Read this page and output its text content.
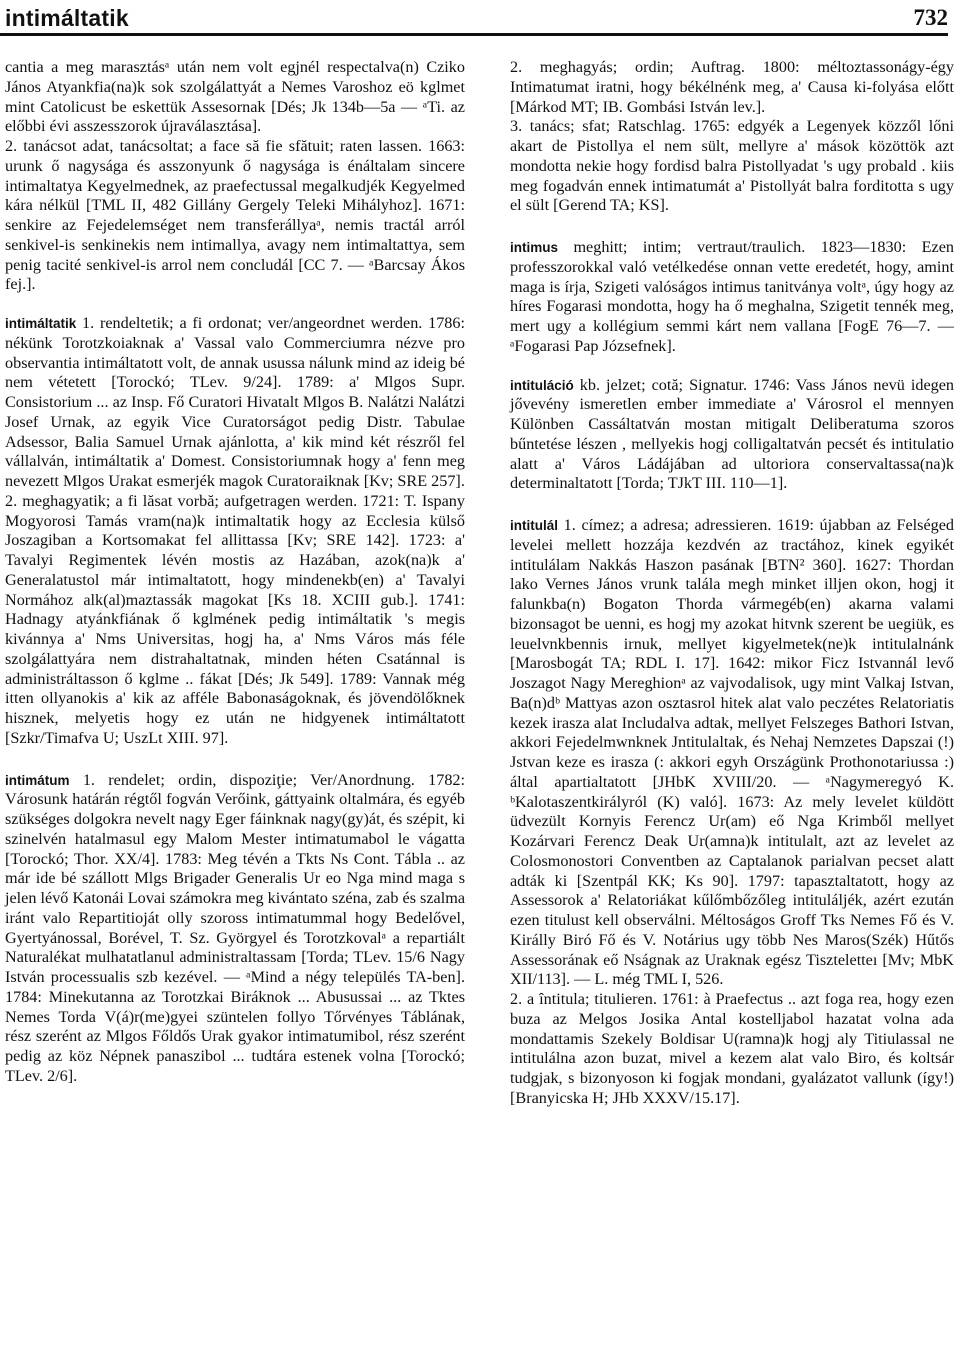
intimáltatik	732

cantia a meg marasztásᵃ után nem volt egjnél respectalva(n) Cziko János Atyankfia(na)k sok szolgálattyát a Nemes Varoshoz eö kglmet mint Catolicust be eskettük Assesornak [Dés; Jk 134b—5a — ᵃTi. az előbbi évi asszesszorok újraválasztása].

2. tanácsot adat, tanácsoltat; a face să fie sfătuit; raten lassen. 1663: urunk ő nagysága és asszonyunk ő nagysága is énáltalam sincere intimaltatya Kegyelmednek, az praefectussal megalkudjék Kegyelmed kára nélkül [TML II, 482 Gillány Gergely Teleki Mihályhoz]. 1671: senkire az Fejedelemséget nem transferállyaᵃ, nemis tractál arról senkivel-is senkinekis nem intimallya, avagy nem intimaltattya, sem penig tacité senkivel-is arrol nem concludál [CC 7. — ᵃBarcsay Ákos fej.].

intimáltatik 1. rendeltetik; a fi ordonat; ver/angeordnet werden. 1786: nékünk Torotzkoiaknak a' Vassal valo Commerciumra nézve pro observantia intimáltatott volt, de annak usussa nálunk mind az ideig bé nem vétetett [Torockó; TLev. 9/24]. 1789: a' Mlgos Supr. Consistorium ... az Insp. Fő Curatori Hivatalt Mlgos B. Nalátzi Nalátzi Josef Urnak, az egyik Vice Curatorságot pedig Distr. Tabulae Adsessor, Balia Samuel Urnak ajánlotta, a' kik mind két részről fel vállalván, intimáltatik a' Domest. Consistoriumnak hogy a' fenn meg nevezett Mlgos Urakat esmerjék magok Curatoraiknak [Kv; SRE 257].

2. meghagyatik; a fi lăsat vorbă; aufgetragen werden. 1721: T. Ispany Mogyorosi Tamás vram(na)k intimaltatik hogy az Ecclesia külső Joszagiban a Kortsomakat fel allittassa [Kv; SRE 142]. 1723: a' Tavalyi Regimentek lévén mostis az Hazában, azok(na)k a' Generalatustol már intimaltatott, hogy mindenekb(en) a' Tavalyi Normához alk(al)maztassák magokat [Ks 18. XCIII gub.]. 1741: Hadnagy atyánkfiának ő kglmének pedig intimáltatik 's megis kivánnya a' Nms Universitas, hogj ha, a' Nms Város más féle szolgálattyára nem distrahaltatnak, minden héten Csatánnal is administráltasson ő kglme .. fákat [Dés; Jk 549]. 1789: Vannak még itten ollyanokis a' kik az afféle Babonaságoknak, és jövendölőknek hisznek, melyetis hogy ez után ne hidgyenek intimáltatott [Szkr/Timafva U; UszLt XIII. 97].

intimátum 1. rendelet; ordin, dispoziţie; Ver/Anordnung. 1782: Városunk határán régtől fogván Verőink, gáttyaink oltalmára, és egyéb szükséges dolgokra nevelt nagy Eger fáinknak nagy(gy)át, és szépit, ki szinelvén hatalmasul egy Malom Mester intimatumabol le vágatta [Torockó; Thor. XX/4]. 1783: Meg tévén a Tkts Ns Cont. Tábla .. az már ide bé szállott Mlgs Brigader Generalis Ur eo Nga mind maga s jelen lévő Katonái Lovai számokra meg kivántato széna, zab és szalma iránt valo Repartitioját olly szoross intimatummal hogy Bedelővel, Gyertyánossal, Borével, T. Sz. Györgyel és Torotzkovalᵃ a repartiált Naturalékat mulhatatlanul administraltassam [Torda; TLev. 15/6 Nagy István processualis szb kezével. — ᵃMind a négy település TA-ben]. 1784: Minekutanna az Torotzkai Biráknok ... Abusussai ... az Tktes Nemes Torda V(á)r(me)gyei szüntelen follyo Tőrvényes Táblának, rész szerént az Mlgos Főldős Urak gyakor intimatumibol, rész szerént pedig az köz Népnek panaszibol ... tudtára estenek volna [Torockó; TLev. 2/6].

2. meghagyás; ordin; Auftrag. 1800: méltoztassonágy-égy Intimatumat iratni, hogy békélnénk meg, a' Causa ki-folyása előtt [Márkod MT; IB. Gombási István lev.].

3. tanács; sfat; Ratschlag. 1765: edgyék a Legenyek közzől lőni akart de Pistollya el nem sült, mellyre a' mások közöttök azt mondotta nekie hogy fordisd balra Pistollyadat 's ugy probald . kiis meg fogadván ennek intimatumát a' Pistollyát balra forditotta s ugy el sült [Gerend TA; KS].

intimus meghitt; intim; vertraut/traulich. 1823—1830: Ezen professzorokkal való vetélkedése onnan vette eredetét, hogy, amint maga is írja, Szigeti valóságos intimus tanitványa voltᵃ, úgy hogy az híres Fogarasi mondotta, hogy ha ő meghalna, Szigetit tennék meg, mert ugy a kollégium semmi kárt nem vallana [FogE 76—7. — ᵃFogarasi Pap Józsefnek].

intituláció kb. jelzet; cotă; Signatur. 1746: Vass János nevü idegen jővevény ismeretlen ember immediate a' Városrol el mennyen Különben Cassáltatván mostan mitigalt Deliberatuma szoros bűntetése lészen , mellyekis hogj colligaltatván pecsét és intitulatio alatt a' Város Ládájában ad ultoriora conservaltassa(na)k determinaltatott [Torda; TJkT III. 110—1].

intitulál 1. címez; a adresa; adressieren. 1619: újabban az Felséged levelei mellett hozzája kezdvén az tractához, kinek egyikét intitulálam Nakkás Haszon pasának [BTN² 360]. 1627: Thordan lako Vernes János vrunk talála megh minket illjen okon, hogj it falunkba(n) Bogaton Thorda vármegéb(en) akarna valami bizonsagot be uenni, es hogj my azokat hitvnk szerent be uegiük, es leuelvnkbennis irnuk, mellyet kigyelmetek(ne)k intitulalnánk [Marosbogát TA; RDL I. 17]. 1642: mikor Ficz Istvannál levő Joszagot Nagy Mereghionᵃ az vajvodalisok, ugy mint Valkaj Istvan, Ba(n)dᵇ Mattyas azon osztasrol hitek alat valo peczétes Relatoriatis kezek irasza alat Includalva adtak, mellyet Felszeges Bathori Istvan, akkori Fejedelmwnknek Jntitulaltak, és Nehaj Nemzetes Dapszai (!) Jstvan keze es irasza (: akkori egyh Országünk Prothonotariussa :) által apartialtatott [JHbK XVIII/20. — ᵃNagymeregyó K. ᵇKalotaszentkirályról (K) való]. 1673: Az mely levelet küldött üdvezült Kornyis Ferencz Ur(am) eő Nga Krimből mellyet Kozárvari Ferencz Deak Ur(amna)k intitulalt, azt az levelet az Colosmonostori Conventben az Captalanok parialvan pecset alatt adták ki [Szentpál KK; Ks 90]. 1797: tapasztaltatott, hogy az Assessorok a' Relatoriákat kűlőmbőzőleg intituláljék, azért ezután ezen titulust kell observálni. Méltoságos Groff Tks Nemes Fő és V. Királly Biró Fő és V. Notárius ugy több Nes Maros(Szék) Hűtős Assessorának eő Nságnak az Uraknak egész Tiszteletteı [Mv; MbK XII/113]. — L. még TML I, 526.

2. a întitula; titulieren. 1761: à Praefectus .. azt foga rea, hogy ezen buza az Melgos Josika Antal kostelljabol hazatat volna ada mondattamis Szekely Boldisar U(ramna)k hogj aly Titiulassal ne intitulálna azon buzat, mivel a kezem alat valo Biro, és koltsár tudgjak, s bizonyoson ki fogjak mondani, gyalázatot vallunk (így!) [Branyicska H; JHb XXXV/15.17].
